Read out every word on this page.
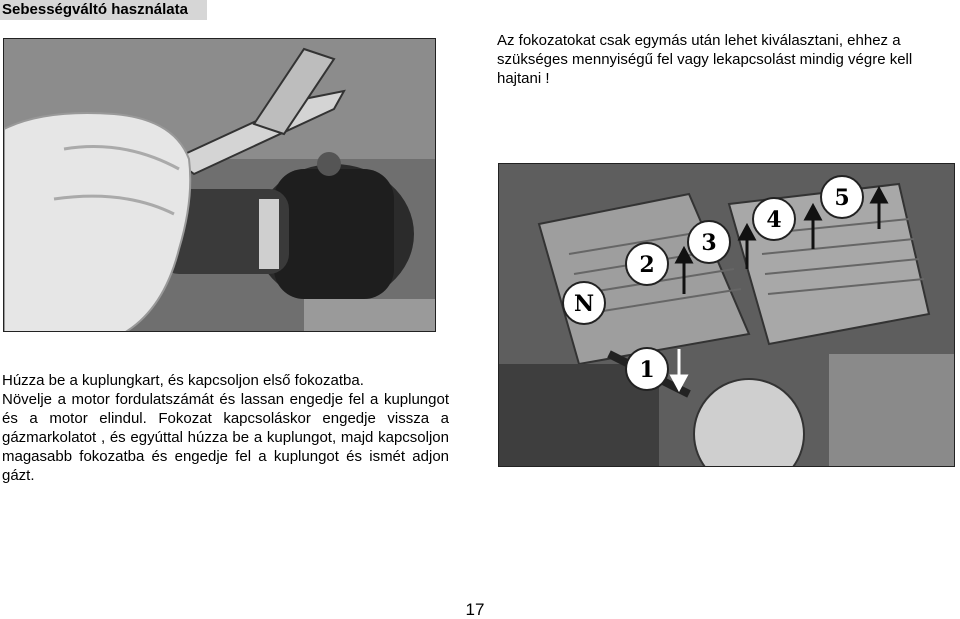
Sebességváltó használata
Az fokozatokat csak egymás után lehet kiválasztani, ehhez a szükséges mennyiségű fel vagy lekapcsolást mindig végre kell hajtani !
N
1
2
3
4
5

Húzza be a kuplungkart, és kapcsoljon első fokozatba.

Növelje a motor fordulatszámát és lassan engedje fel a kuplungot és a motor elindul. Fokozat kapcsoláskor engedje vissza a gázmarkolatot , és egyúttal húzza be a kuplungot, majd kapcsoljon magasabb fokozatba és engedje fel a kuplungot és ismét adjon gázt.

17
